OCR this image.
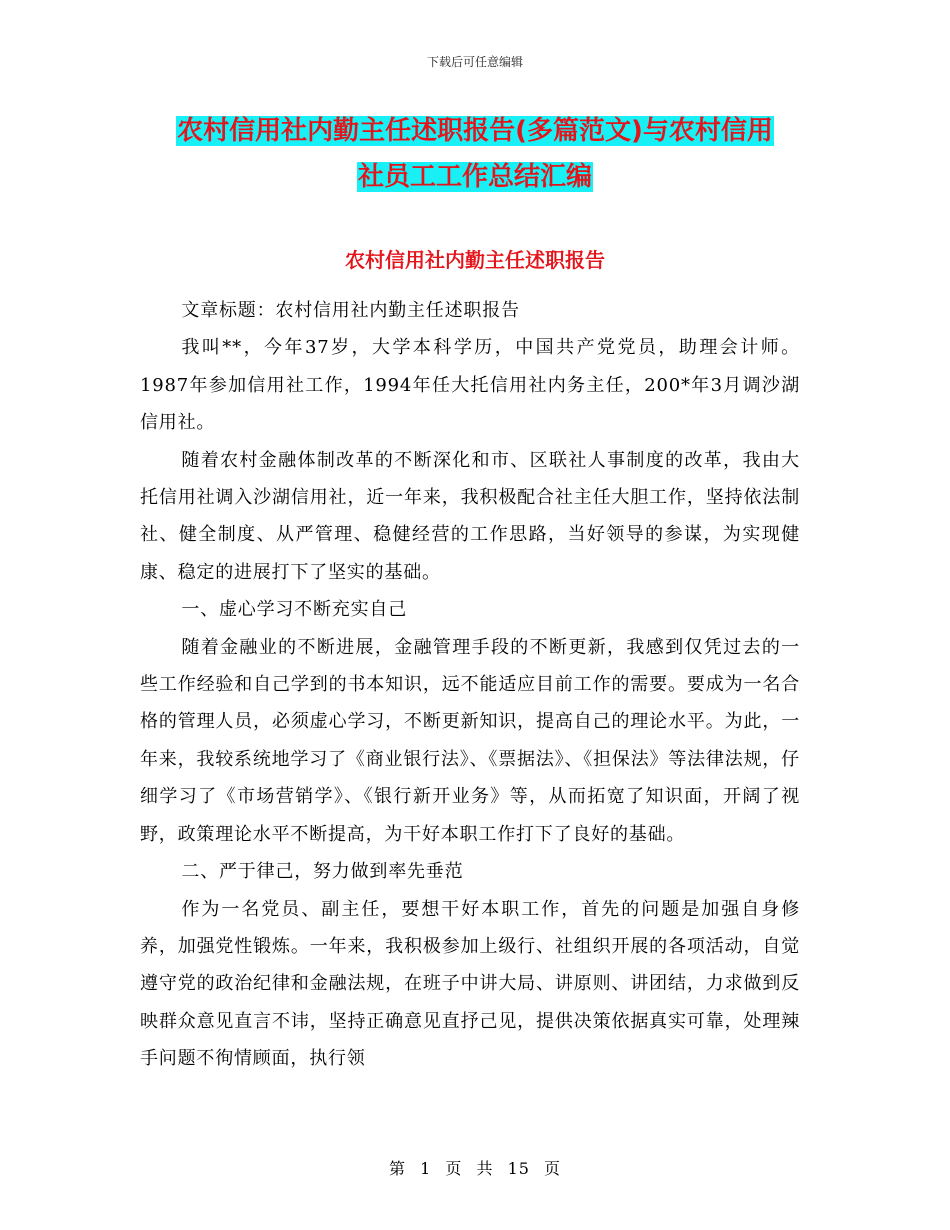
下载后可任意编辑
农村信用社内勤主任述职报告(多篇范文)与农村信用
社员工工作总结汇编
农村信用社内勤主任述职报告

文章标题：农村信用社内勤主任述职报告

我叫**，今年37岁，大学本科学历，中国共产党党员，助理会计师。1987年参加信用社工作，1994年任大托信用社内务主任，200*年3月调沙湖信用社。

随着农村金融体制改革的不断深化和市、区联社人事制度的改革，我由大托信用社调入沙湖信用社，近一年来，我积极配合社主任大胆工作，坚持依法制社、健全制度、从严管理、稳健经营的工作思路，当好领导的参谋，为实现健康、稳定的进展打下了坚实的基础。

一、虚心学习不断充实自己

随着金融业的不断进展，金融管理手段的不断更新，我感到仅凭过去的一些工作经验和自己学到的书本知识，远不能适应目前工作的需要。要成为一名合格的管理人员，必须虚心学习，不断更新知识，提高自己的理论水平。为此，一年来，我较系统地学习了《商业银行法》、《票据法》、《担保法》等法律法规，仔细学习了《市场营销学》、《银行新开业务》等，从而拓宽了知识面，开阔了视野，政策理论水平不断提高，为干好本职工作打下了良好的基础。

二、严于律己，努力做到率先垂范

作为一名党员、副主任，要想干好本职工作，首先的问题是加强自身修养，加强党性锻炼。一年来，我积极参加上级行、社组织开展的各项活动，自觉遵守党的政治纪律和金融法规，在班子中讲大局、讲原则、讲团结，力求做到反映群众意见直言不讳，坚持正确意见直抒己见，提供决策依据真实可靠，处理辣手问题不徇情顾面，执行领

第 1 页 共 15 页
